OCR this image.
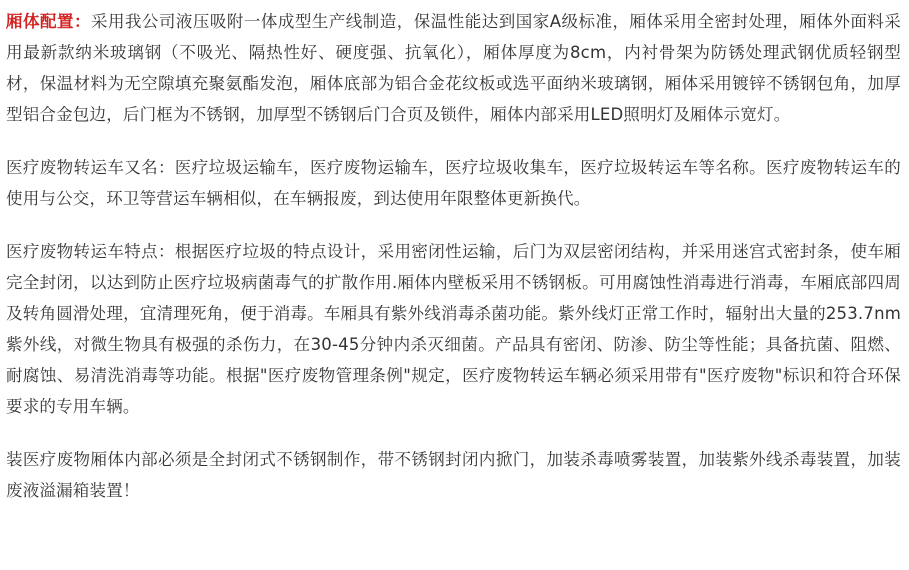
厢体配置：采用我公司液压吸附一体成型生产线制造，保温性能达到国家A级标准，厢体采用全密封处理，厢体外面料采用最新款纳米玻璃钢（不吸光、隔热性好、硬度强、抗氧化），厢体厚度为8cm，内衬骨架为防锈处理武钢优质轻钢型材，保温材料为无空隙填充聚氨酯发泡，厢体底部为铝合金花纹板或选平面纳米玻璃钢，厢体采用镀锌不锈钢包角，加厚型铝合金包边，后门框为不锈钢，加厚型不锈钢后门合页及锁件，厢体内部采用LED照明灯及厢体示宽灯。

医疗废物转运车又名：医疗垃圾运输车，医疗废物运输车，医疗垃圾收集车，医疗垃圾转运车等名称。医疗废物转运车的使用与公交，环卫等营运车辆相似，在车辆报废，到达使用年限整体更新换代。

医疗废物转运车特点：根据医疗垃圾的特点设计，采用密闭性运输，后门为双层密闭结构，并采用迷宫式密封条，使车厢完全封闭，以达到防止医疗垃圾病菌毒气的扩散作用.厢体内壁板采用不锈钢板。可用腐蚀性消毒进行消毒，车厢底部四周及转角圆滑处理，宜清理死角，便于消毒。车厢具有紫外线消毒杀菌功能。紫外线灯正常工作时，辐射出大量的253.7nm紫外线，对微生物具有极强的杀伤力，在30-45分钟内杀灭细菌。产品具有密闭、防渗、防尘等性能；具备抗菌、阻燃、耐腐蚀、易清洗消毒等功能。根据"医疗废物管理条例"规定，医疗废物转运车辆必须采用带有"医疗废物"标识和符合环保要求的专用车辆。

装医疗废物厢体内部必须是全封闭式不锈钢制作，带不锈钢封闭内掀门，加装杀毒喷雾装置，加装紫外线杀毒装置，加装废液溢漏箱装置！
